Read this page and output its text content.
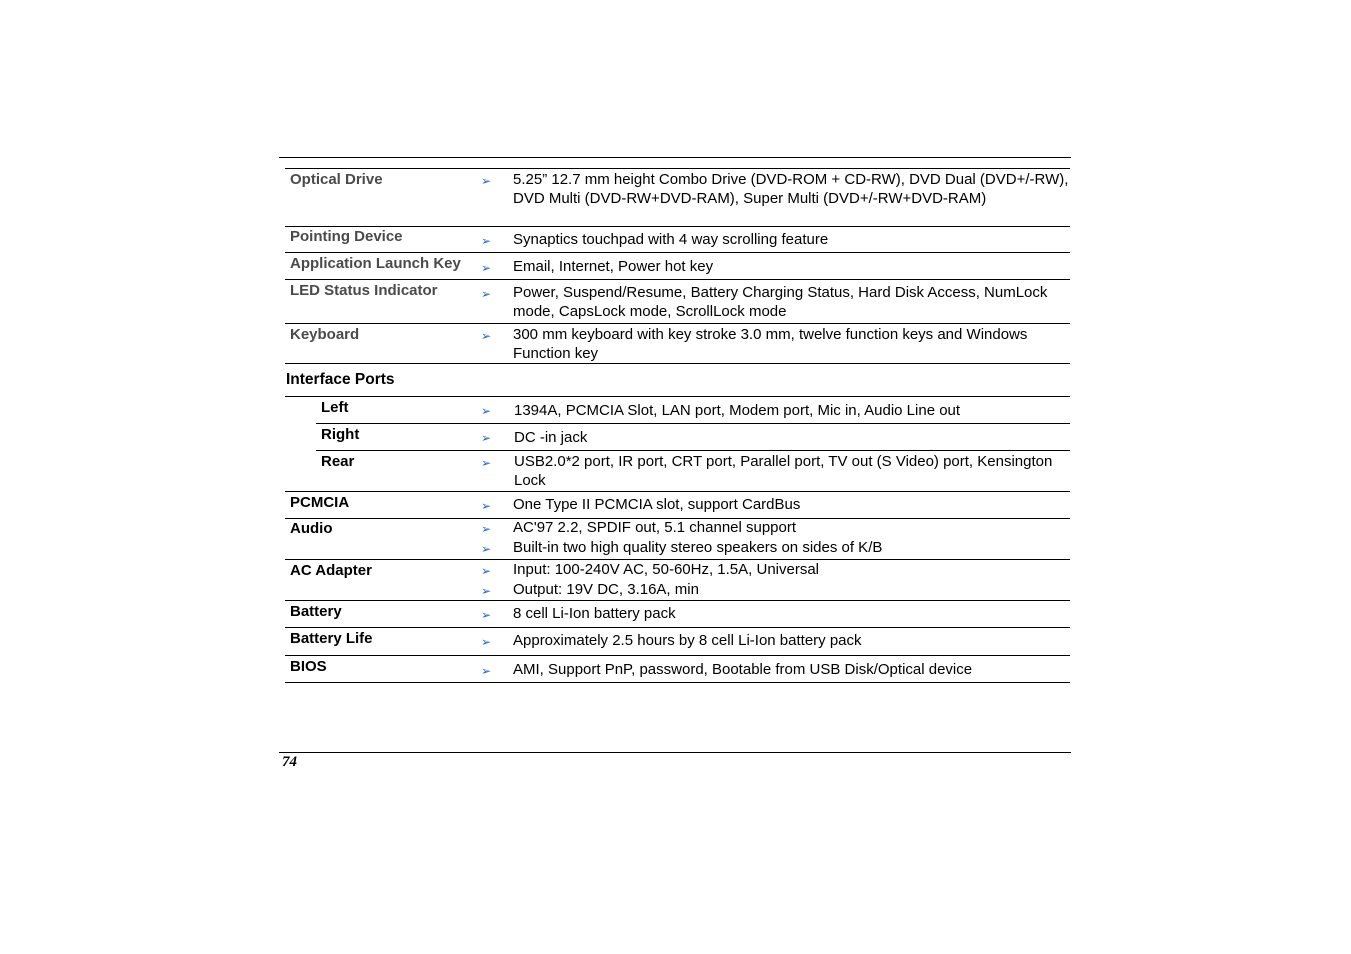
Optical Drive	➢ 5.25” 12.7 mm height Combo Drive (DVD-ROM + CD-RW), DVD Dual (DVD+/-RW), DVD Multi (DVD-RW+DVD-RAM), Super Multi (DVD+/-RW+DVD-RAM)
Pointing Device	➢ Synaptics touchpad with 4 way scrolling feature
Application Launch Key ➢ Email, Internet, Power hot key
LED Status Indicator	➢ Power, Suspend/Resume, Battery Charging Status, Hard Disk Access, NumLock mode, CapsLock mode, ScrollLock mode
Keyboard	➢ 300 mm keyboard with key stroke 3.0 mm, twelve function keys and Windows Function key
Interface Ports
Left	➢ 1394A, PCMCIA Slot, LAN port, Modem port, Mic in, Audio Line out
Right	➢ DC -in jack
Rear	➢ USB2.0*2 port, IR port, CRT port, Parallel port, TV out (S Video) port, Kensington Lock
PCMCIA	➢ One Type II PCMCIA slot, support CardBus
Audio	➢ AC'97 2.2, SPDIF out, 5.1 channel support
➢ Built-in two high quality stereo speakers on sides of K/B
AC Adapter	➢ Input: 100-240V AC, 50-60Hz, 1.5A, Universal
➢ Output: 19V DC, 3.16A, min
Battery	➢ 8 cell Li-Ion battery pack
Battery Life	➢ Approximately 2.5 hours by 8 cell Li-Ion battery pack
BIOS	➢ AMI, Support PnP, password, Bootable from USB Disk/Optical device
74
